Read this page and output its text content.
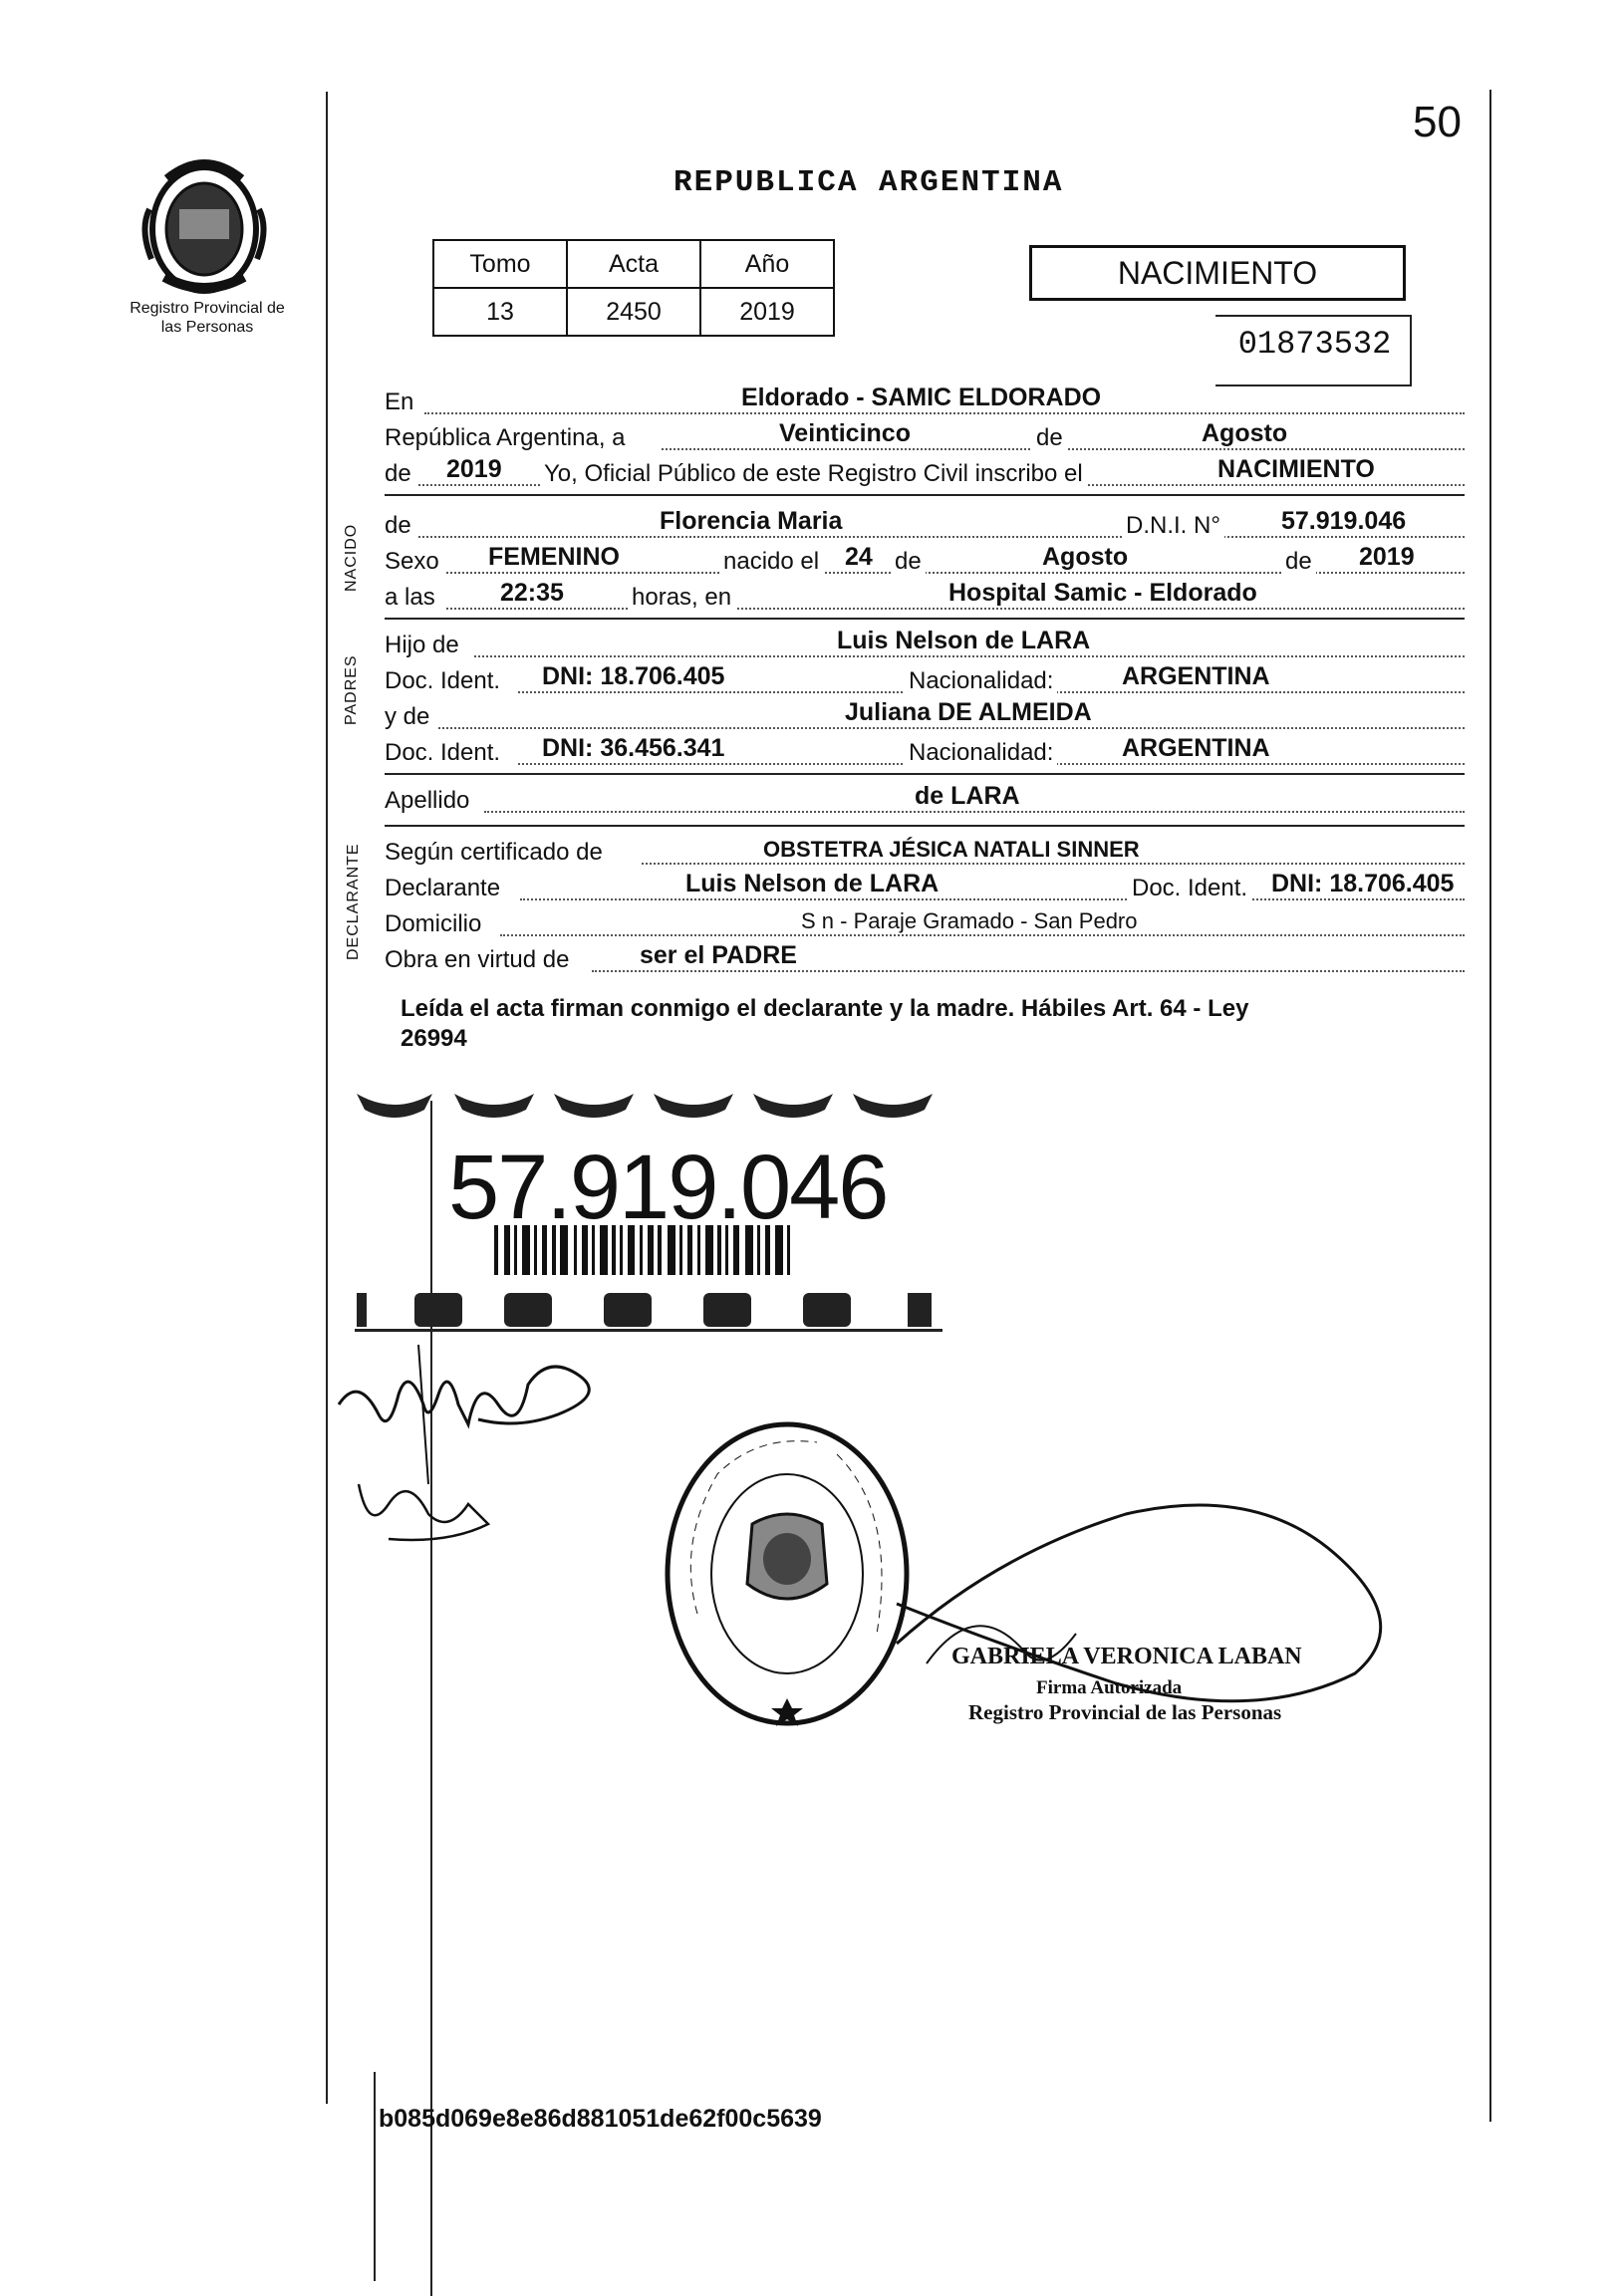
50
Registro Provincial de las Personas
REPUBLICA ARGENTINA
Tomo	Acta	Año
13	2450	2019
NACIMIENTO
01873532
En	Eldorado - SAMIC ELDORADO
República Argentina, a	Veinticinco	de	Agosto
de 2019 Yo, Oficial Público de este Registro Civil inscribo el	NACIMIENTO
NACIDO de	Florencia Maria	D.N.I. N° 57.919.046
Sexo FEMENINO	nacido el 24 de	Agosto	de 2019
a las	22:35	horas, en	Hospital Samic - Eldorado
PADRES
Hijo de	Luis Nelson de LARA
Doc. Ident. DNI: 18.706.405	Nacionalidad:	ARGENTINA
y de	Juliana DE ALMEIDA
Doc. Ident. DNI: 36.456.341	Nacionalidad:	ARGENTINA
Apellido	de LARA
DECLARANTE Según certificado de	OBSTETRA JÉSICA NATALI SINNER
Declarante	Luis Nelson de LARA	Doc. Ident. DNI: 18.706.405
Domicilio	S n - Paraje Gramado - San Pedro
Obra en virtud de	ser el PADRE
Leída el acta firman conmigo el declarante y la madre. Hábiles Art. 64 - Ley
26994
57.919.046
GABRIELA VERONICA LABAN
Firma Autorizada
Registro Provincial de las Personas
b085d069e8e86d881051de62f00c5639
